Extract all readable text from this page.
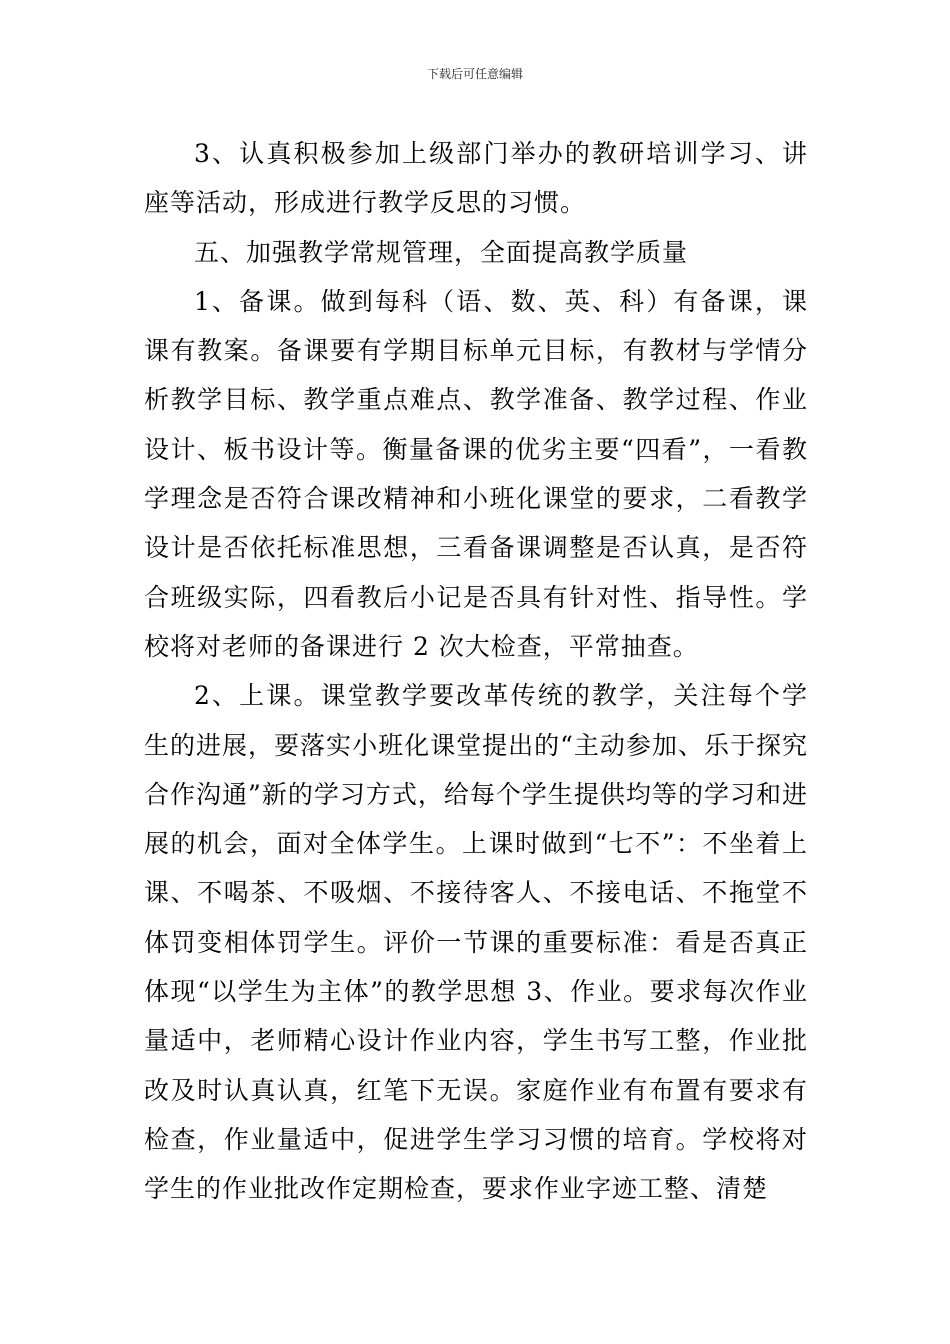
下载后可任意编辑

3、认真积极参加上级部门举办的教研培训学习、讲座等活动，形成进行教学反思的习惯。

五、加强教学常规管理，全面提高教学质量

1、备课。做到每科（语、数、英、科）有备课，课课有教案。备课要有学期目标单元目标，有教材与学情分析教学目标、教学重点难点、教学准备、教学过程、作业设计、板书设计等。衡量备课的优劣主要“四看”，一看教学理念是否符合课改精神和小班化课堂的要求，二看教学设计是否依托标准思想，三看备课调整是否认真，是否符合班级实际，四看教后小记是否具有针对性、指导性。学校将对老师的备课进行 2 次大检查，平常抽查。

2、上课。课堂教学要改革传统的教学，关注每个学生的进展，要落实小班化课堂提出的“主动参加、乐于探究合作沟通”新的学习方式，给每个学生提供均等的学习和进展的机会，面对全体学生。上课时做到“七不”：不坐着上课、不喝茶、不吸烟、不接待客人、不接电话、不拖堂不体罚变相体罚学生。评价一节课的重要标准：看是否真正体现“以学生为主体”的教学思想 3、作业。要求每次作业量适中，老师精心设计作业内容，学生书写工整，作业批改及时认真认真，红笔下无误。家庭作业有布置有要求有检查，作业量适中，促进学生学习习惯的培育。学校将对学生的作业批改作定期检查，要求作业字迹工整、清楚
